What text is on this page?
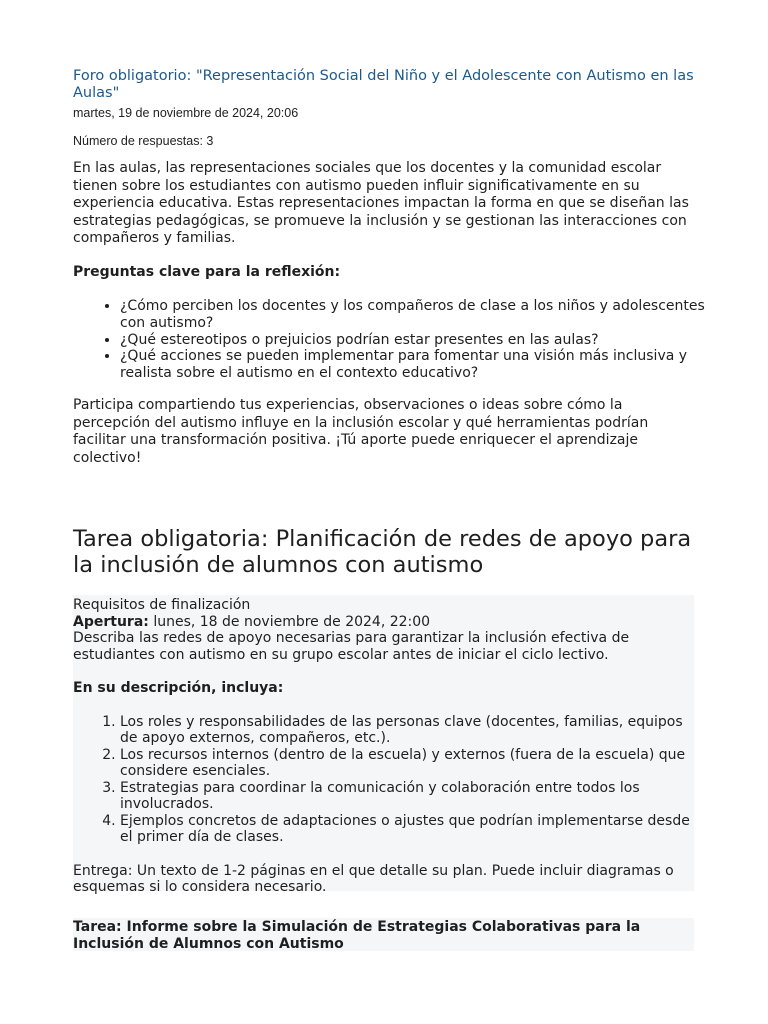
Foro obligatorio: "Representación Social del Niño y el Adolescente con Autismo en las Aulas"
martes, 19 de noviembre de 2024, 20:06
Número de respuestas: 3

En las aulas, las representaciones sociales que los docentes y la comunidad escolar tienen sobre los estudiantes con autismo pueden influir significativamente en su experiencia educativa. Estas representaciones impactan la forma en que se diseñan las estrategias pedagógicas, se promueve la inclusión y se gestionan las interacciones con compañeros y familias.

Preguntas clave para la reflexión:
• ¿Cómo perciben los docentes y los compañeros de clase a los niños y adolescentes con autismo?
• ¿Qué estereotipos o prejuicios podrían estar presentes en las aulas?
• ¿Qué acciones se pueden implementar para fomentar una visión más inclusiva y realista sobre el autismo en el contexto educativo?

Participa compartiendo tus experiencias, observaciones o ideas sobre cómo la percepción del autismo influye en la inclusión escolar y qué herramientas podrían facilitar una transformación positiva. ¡Tú aporte puede enriquecer el aprendizaje colectivo!

Tarea obligatoria: Planificación de redes de apoyo para la inclusión de alumnos con autismo

Requisitos de finalización

Apertura: lunes, 18 de noviembre de 2024, 22:00

Describa las redes de apoyo necesarias para garantizar la inclusión efectiva de estudiantes con autismo en su grupo escolar antes de iniciar el ciclo lectivo.

En su descripción, incluya:

1. Los roles y responsabilidades de las personas clave (docentes, familias, equipos de apoyo externos, compañeros, etc.).
2. Los recursos internos (dentro de la escuela) y externos (fuera de la escuela) que considere esenciales.
3. Estrategias para coordinar la comunicación y colaboración entre todos los involucrados.
4. Ejemplos concretos de adaptaciones o ajustes que podrían implementarse desde el primer día de clases.

Entrega: Un texto de 1-2 páginas en el que detalle su plan. Puede incluir diagramas o esquemas si lo considera necesario.

Tarea: Informe sobre la Simulación de Estrategias Colaborativas para la Inclusión de Alumnos con Autismo
